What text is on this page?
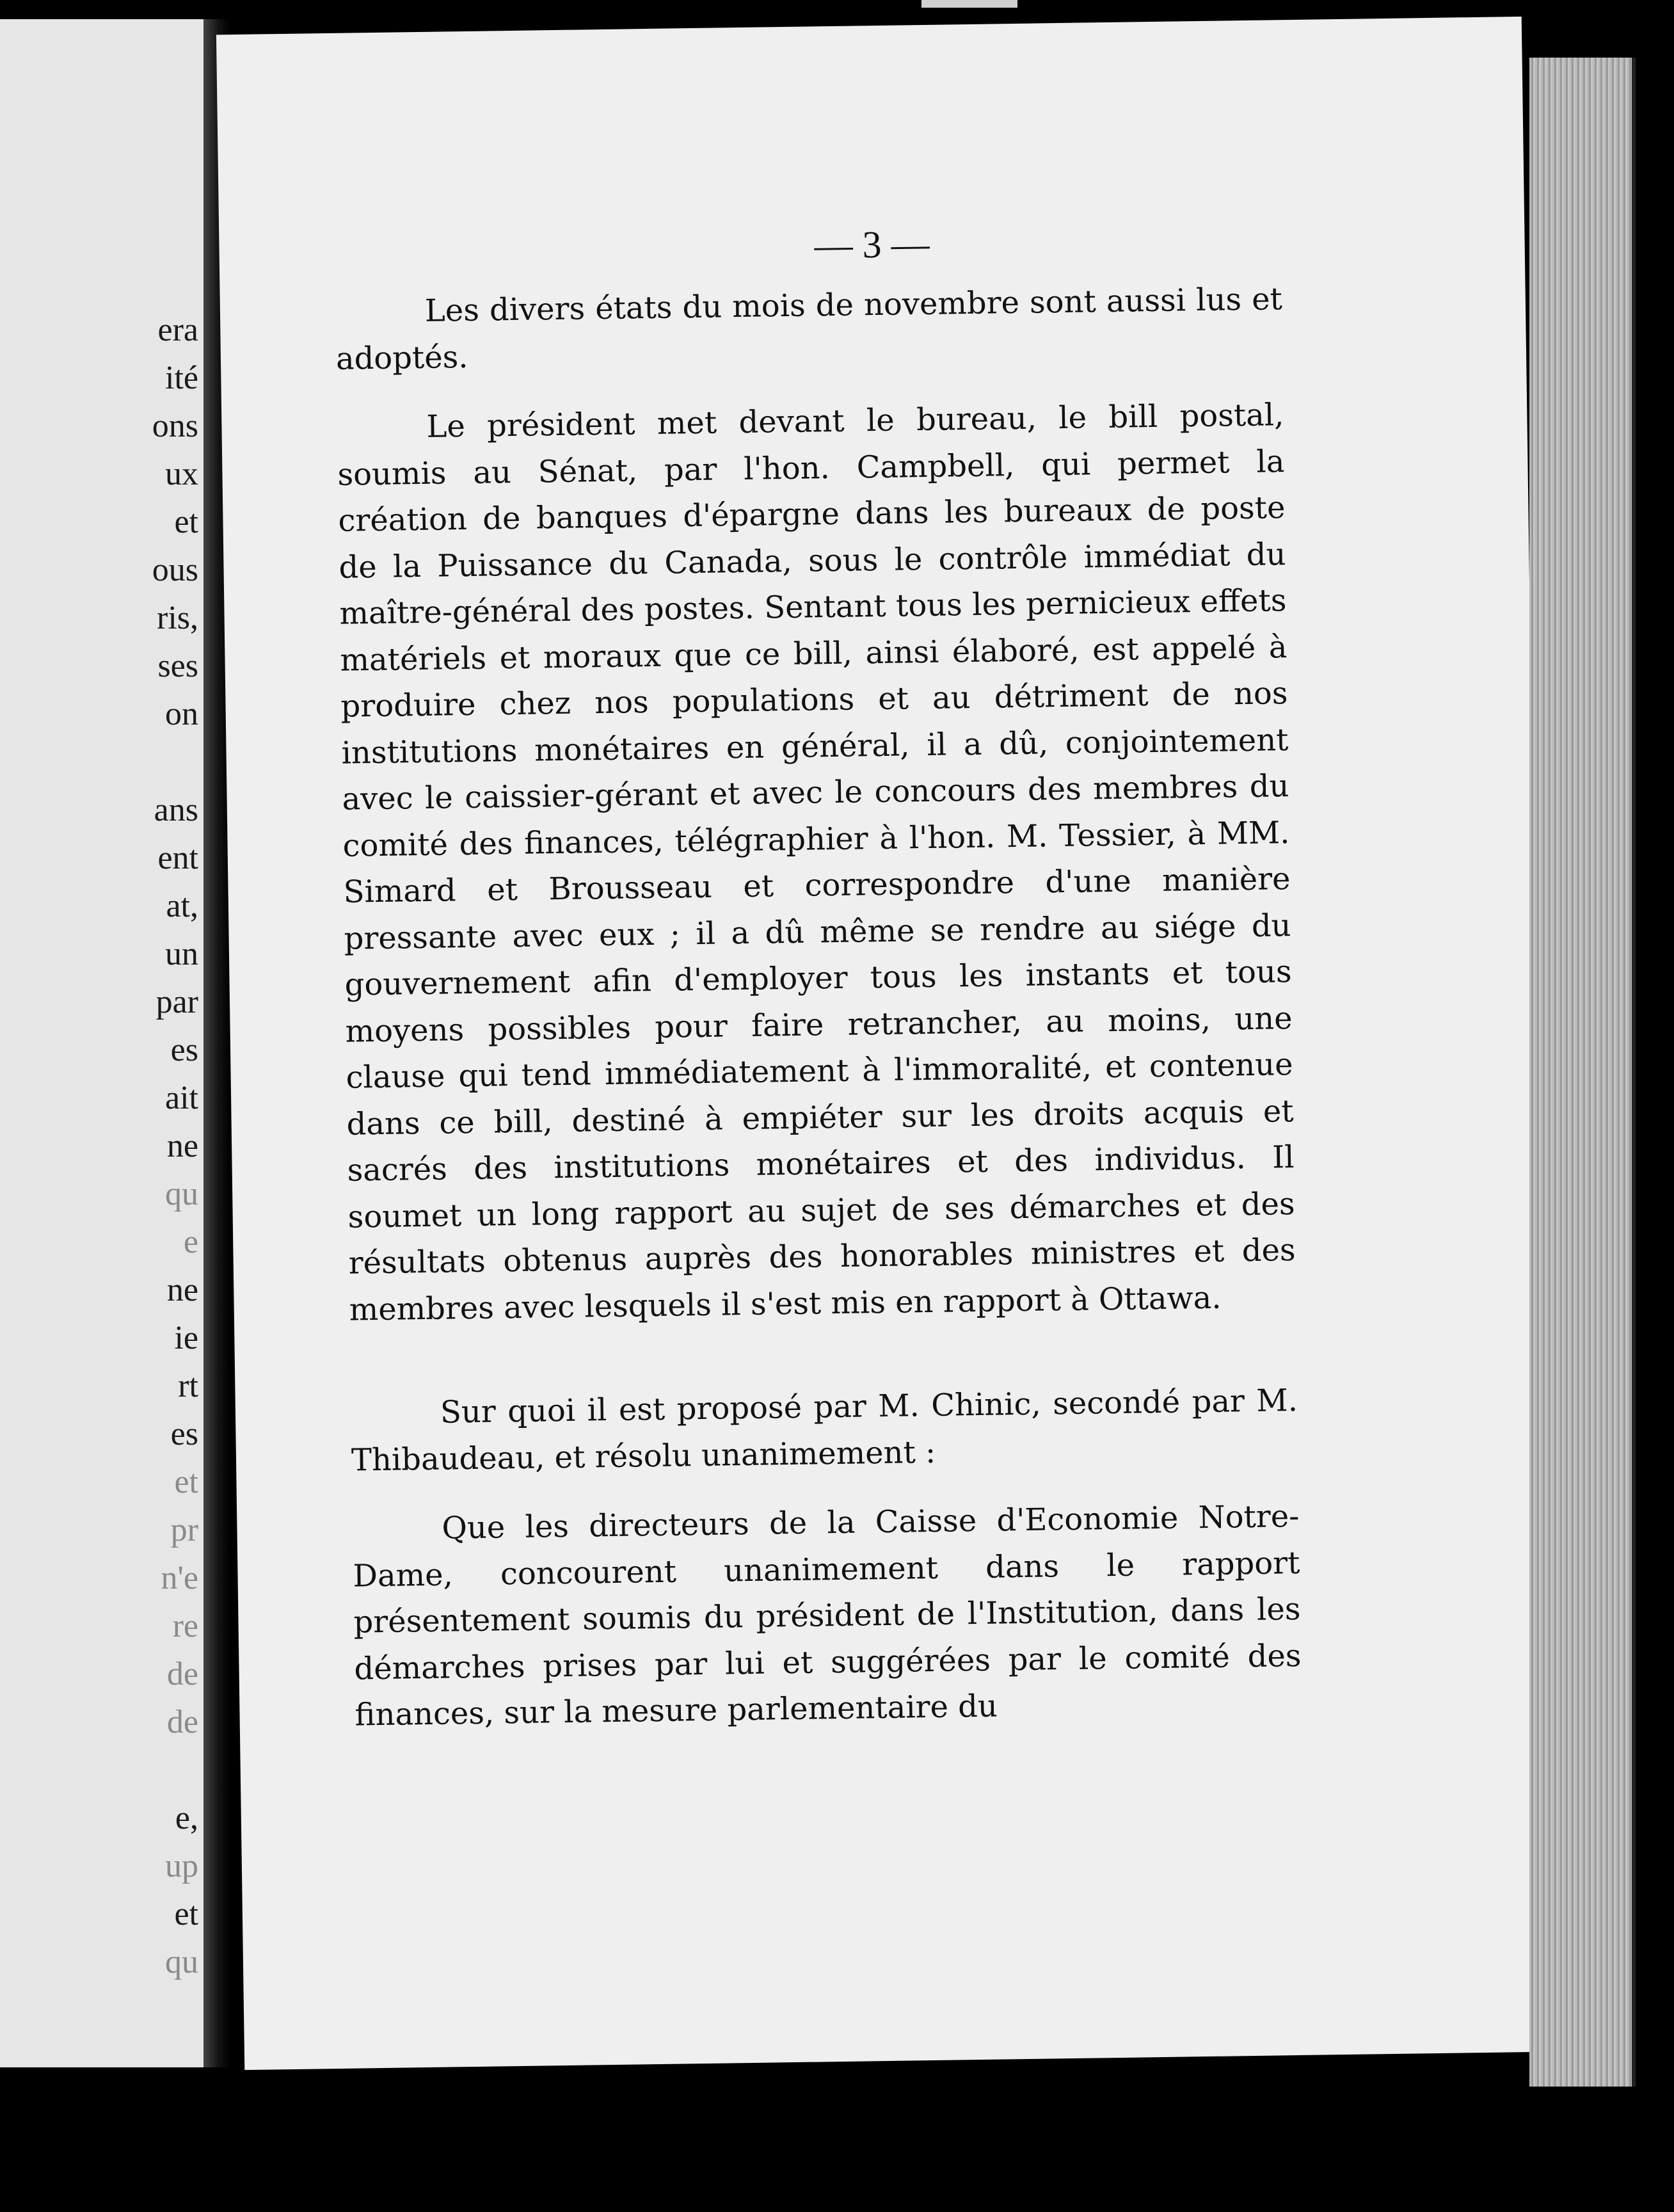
era
ité
ons
ux
et
ous
ris,
ses
on
ans
ent
at,
un
par
es
ait
ne
qu
e
ne
ie
rt
es
et
pr
n'e
re
de
de
e,
up
et
qu
— 3 —

Les divers états du mois de novembre sont aussi lus et adoptés.

Le président met devant le bureau, le bill postal, soumis au Sénat, par l'hon. Campbell, qui permet la création de banques d'épargne dans les bureaux de poste de la Puissance du Canada, sous le contrôle immédiat du maître-général des postes. Sentant tous les pernicieux effets matériels et moraux que ce bill, ainsi élaboré, est appelé à produire chez nos populations et au détriment de nos institutions monétaires en général, il a dû, conjointement avec le caissier-gérant et avec le concours des membres du comité des finances, télégraphier à l'hon. M. Tessier, à MM. Simard et Brousseau et correspondre d'une manière pressante avec eux ; il a dû même se rendre au siége du gouvernement afin d'employer tous les instants et tous moyens possibles pour faire retrancher, au moins, une clause qui tend immédiatement à l'immoralité, et contenue dans ce bill, destiné à empiéter sur les droits acquis et sacrés des institutions monétaires et des individus. Il soumet un long rapport au sujet de ses démarches et des résultats obtenus auprès des honorables ministres et des membres avec lesquels il s'est mis en rapport à Ottawa.

Sur quoi il est proposé par M. Chinic, secondé par M. Thibaudeau, et résolu unanimement :

Que les directeurs de la Caisse d'Economie Notre-Dame, concourent unanimement dans le rapport présentement soumis du président de l'Institution, dans les démarches prises par lui et suggérées par le comité des finances, sur la mesure parlementaire du
